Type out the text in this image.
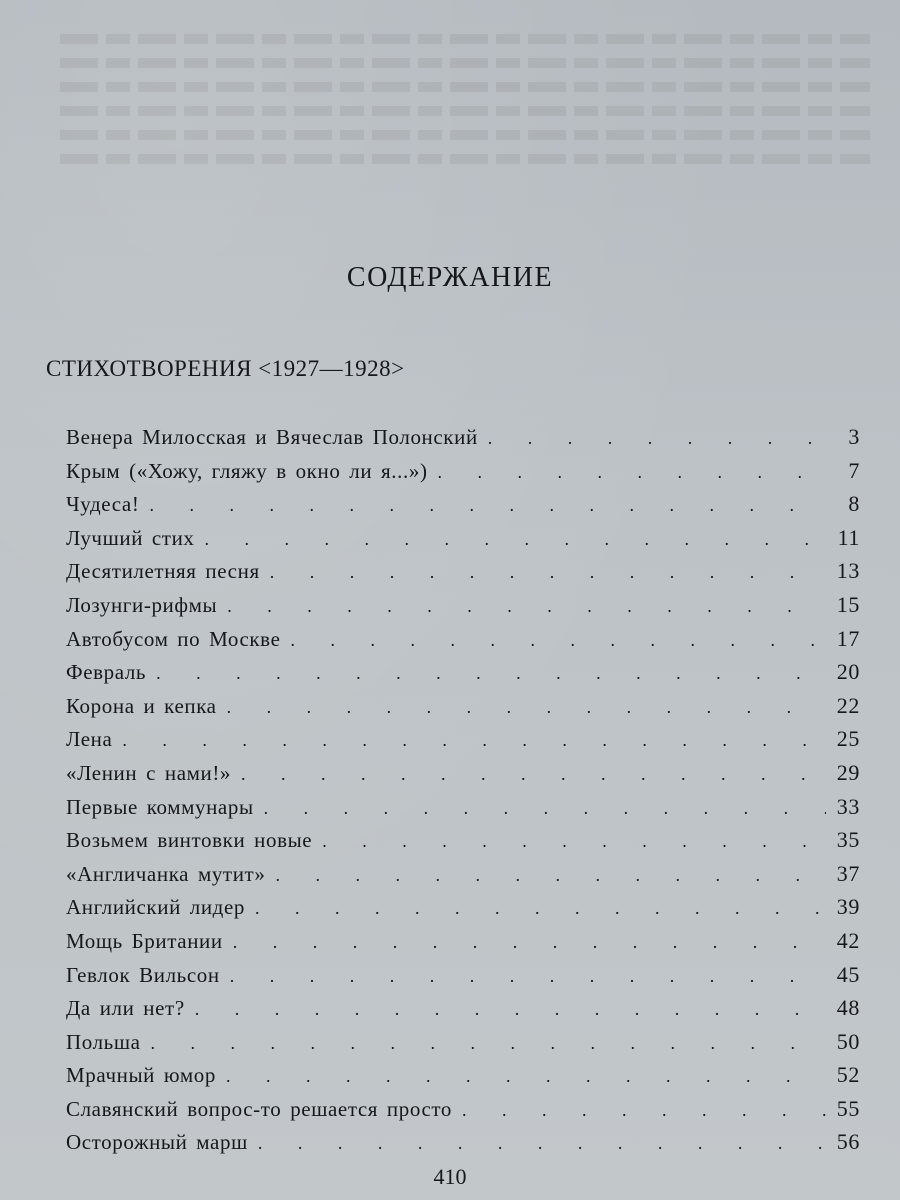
СОДЕРЖАНИЕ
СТИХОТВОРЕНИЯ <1927—1928>
Венера Милосская и Вячеслав Полонский . . .	3
Крым («Хожу, гляжу в окно ли я...») . . .	7
Чудеса! . . .	8
Лучший стих . . .	11
Десятилетняя песня . . .	13
Лозунги-рифмы . . .	15
Автобусом по Москве . . .	17
Февраль . . .	20
Корона и кепка . . .	22
Лена . . .	25
«Ленин с нами!» . . .	29
Первые коммунары . . .	33
Возьмем винтовки новые . . .	35
«Англичанка мутит» . . .	37
Английский лидер . . .	39
Мощь Британии . . .	42
Гевлок Вильсон . . .	45
Да или нет? . . .	48
Польша . . .	50
Мрачный юмор . . .	52
Славянский вопрос-то решается просто . . .	55
Осторожный марш . . .	56
410
